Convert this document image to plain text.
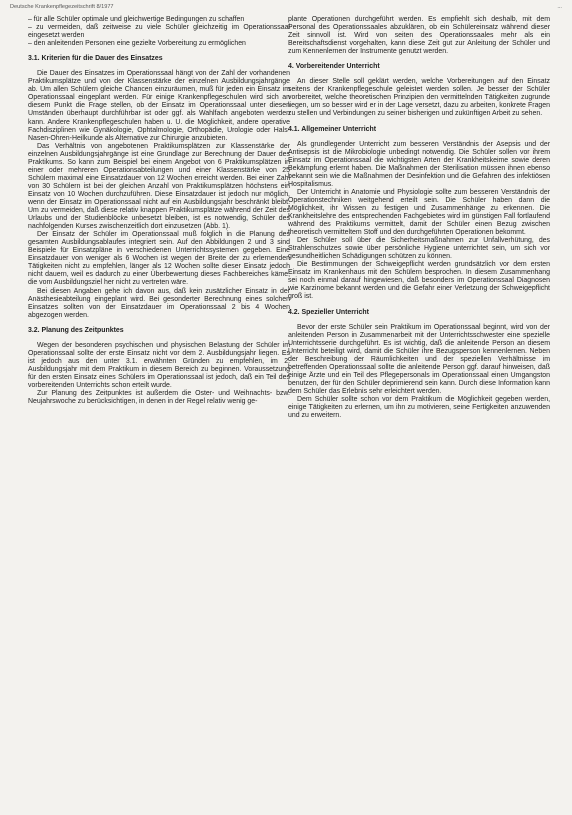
Deutsche Krankenpflegezeitschrift 8/1977	...

– für alle Schüler optimale und gleichwertige Bedingungen zu schaffen

– zu vermeiden, daß zeitweise zu viele Schüler gleichzeitig im Operationssaal eingesetzt werden

– den anleitenden Personen eine gezielte Vorbereitung zu ermöglichen

3.1. Kriterien für die Dauer des Einsatzes

Die Dauer des Einsatzes im Operationssaal hängt von der Zahl der vorhandenen Praktikumsplätze und von der Klassenstärke der einzelnen Ausbildungsjahrgänge ab. Um allen Schülern gleiche Chancen einzuräumen, muß für jeden ein Einsatz im Operationssaal eingeplant werden. Für einige Krankenpflegeschulen wird sich an diesem Punkt die Frage stellen, ob der Einsatz im Operationssaal unter diesen Umständen überhaupt durchführbar ist oder ggf. als Wahlfach angeboten werden kann. Andere Krankenpflegeschulen haben u. U. die Möglichkeit, andere operative Fachdisziplinen wie Gynäkologie, Ophtalmologie, Orthopädie, Urologie oder Hals-Nasen-Ohren-Heilkunde als Alternative zur Chirurgie anzubieten.

Das Verhältnis von angebotenen Praktikumsplätzen zur Klassenstärke der einzelnen Ausbildungsjahrgänge ist eine Grundlage zur Berechnung der Dauer des Praktikums. So kann zum Beispiel bei einem Angebot von 6 Praktikumsplätzen in einer oder mehreren Operationsabteilungen und einer Klassenstärke von 25 Schülern maximal eine Einsatzdauer von 12 Wochen erreicht werden. Bei einer Zahl von 30 Schülern ist bei der gleichen Anzahl von Praktikumsplätzen höchstens ein Einsatz von 10 Wochen durchzuführen. Diese Einsatzdauer ist jedoch nur möglich, wenn der Einsatz im Operationssaal nicht auf ein Ausbildungsjahr beschränkt bleibt. Um zu vermeiden, daß diese relativ knappen Praktikumsplätze während der Zeit des Urlaubs und der Studienblöcke unbesetzt bleiben, ist es notwendig, Schüler des nachfolgenden Kurses zwischenzeitlich dort einzusetzen (Abb. 1).

Der Einsatz der Schüler im Operationssaal muß folglich in die Planung des gesamten Ausbildungsablaufes integriert sein. Auf den Abbildungen 2 und 3 sind Beispiele für Einsatzpläne in verschiedenen Unterrichtssystemen gegeben. Eine Einsatzdauer von weniger als 6 Wochen ist wegen der Breite der zu erlernenden Tätigkeiten nicht zu empfehlen, länger als 12 Wochen sollte dieser Einsatz jedoch nicht dauern, weil es dadurch zu einer Überbewertung dieses Fachbereiches käme, die vom Ausbildungsziel her nicht zu vertreten wäre.

Bei diesen Angaben gehe ich davon aus, daß kein zusätzlicher Einsatz in der Anästhesieabteilung eingeplant wird. Bei gesonderter Berechnung eines solchen Einsatzes sollten von der Einsatzdauer im Operationssaal 2 bis 4 Wochen abgezogen werden.

3.2. Planung des Zeitpunktes

Wegen der besonderen psychischen und physischen Belastung der Schüler im Operationssaal sollte der erste Einsatz nicht vor dem 2. Ausbildungsjahr liegen. Es ist jedoch aus den unter 3.1. erwähnten Gründen zu empfehlen, im 2. Ausbildungsjahr mit dem Praktikum in diesem Bereich zu beginnen. Voraussetzung für den ersten Einsatz eines Schülers im Operationssaal ist jedoch, daß ein Teil des vorbereitenden Unterrichts schon erteilt wurde.

Zur Planung des Zeitpunktes ist außerdem die Oster- und Weihnachts- bzw. Neujahrswoche zu berücksichtigen, in denen in der Regel relativ wenig ge-

plante Operationen durchgeführt werden. Es empfiehlt sich deshalb, mit dem Personal des Operationssaales abzuklären, ob ein Schülereinsatz während dieser Zeit sinnvoll ist. Wird von seiten des Operationssaales mehr als ein Bereitschaftsdienst vorgehalten, kann diese Zeit gut zur Anleitung der Schüler und zum Kennenlernen der Instrumente genutzt werden.

4. Vorbereitender Unterricht

An dieser Stelle soll geklärt werden, welche Vorbereitungen auf den Einsatz seitens der Krankenpflegeschule geleistet werden sollen. Je besser der Schüler vorbereitet, welche theoretischen Prinzipien den vermittelnden Tätigkeiten zugrunde liegen, um so besser wird er in der Lage versetzt, dazu zu arbeiten, konkrete Fragen zu stellen und Verbindungen zu seiner bisherigen und zukünftigen Arbeit zu sehen.

4.1. Allgemeiner Unterricht

Als grundlegender Unterricht zum besseren Verständnis der Asepsis und der Antisepsis ist die Mikrobiologie unbedingt notwendig. Die Schüler sollen vor ihrem Einsatz im Operationssaal die wichtigsten Arten der Krankheitskeime sowie deren Bekämpfung erlernt haben. Die Maßnahmen der Sterilisation müssen ihnen ebenso bekannt sein wie die Maßnahmen der Desinfektion und die Gefahren des infektiösen Hospitalismus.

Der Unterricht in Anatomie und Physiologie sollte zum besseren Verständnis der Operationstechniken weitgehend erteilt sein. Die Schüler haben dann die Möglichkeit, ihr Wissen zu festigen und Zusammenhänge zu erkennen. Die Krankheitslehre des entsprechenden Fachgebietes wird im günstigen Fall fortlaufend während des Praktikums vermittelt, damit der Schüler einen Bezug zwischen theoretisch vermitteltem Stoff und den durchgeführten Operationen bekommt.

Der Schüler soll über die Sicherheitsmaßnahmen zur Unfallverhütung, des Strahlenschutzes sowie über persönliche Hygiene unterrichtet sein, um sich vor gesundheitlichen Schädigungen schützen zu können.

Die Bestimmungen der Schweigepflicht werden grundsätzlich vor dem ersten Einsatz im Krankenhaus mit den Schülern besprochen. In diesem Zusammenhang sei noch einmal darauf hingewiesen, daß besonders im Operationssaal Diagnosen wie Karzinome bekannt werden und die Gefahr einer Verletzung der Schweigepflicht groß ist.

4.2. Spezieller Unterricht

Bevor der erste Schüler sein Praktikum im Operationssaal beginnt, wird von der anleitenden Person in Zusammenarbeit mit der Unterrichtsschwester eine spezielle Unterrichtsserie durchgeführt. Es ist wichtig, daß die anleitende Person an diesem Unterricht beteiligt wird, damit die Schüler ihre Bezugsperson kennenlernen. Neben der Beschreibung der Räumlichkeiten und der speziellen Verhältnisse im betreffenden Operationssaal sollte die anleitende Person ggf. darauf hinweisen, daß einige Ärzte und ein Teil des Pflegepersonals im Operationssaal einen Umgangston benutzen, der für den Schüler deprimierend sein kann. Durch diese Information kann dem Schüler das Erlebnis sehr erleichtert werden.

Dem Schüler sollte schon vor dem Praktikum die Möglichkeit gegeben werden, einige Tätigkeiten zu erlernen, um ihn zu motivieren, seine Fertigkeiten anzuwenden und zu erweitern.
